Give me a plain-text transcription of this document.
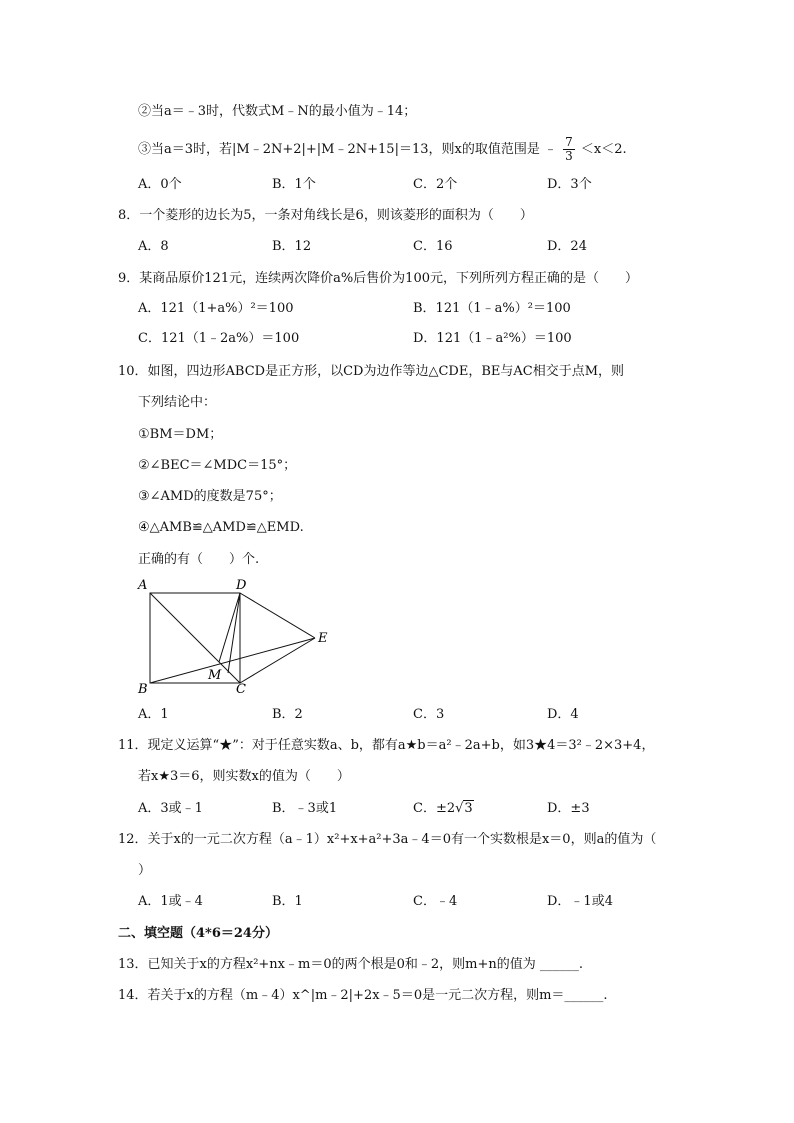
②当a＝﹣3时，代数式M﹣N的最小值为﹣14；
③当a＝3时，若|M﹣2N+2|+|M﹣2N+15|＝13，则x的取值范围是 ﹣ $\frac{7}{3} <x<2$.
A．0个	B．1个	C．2个	D．3个
8．一个菱形的边长为5，一条对角线长是6，则该菱形的面积为（　　）
A．8	B．12	C．16	D．24
9．某商品原价121元，连续两次降价a%后售价为100元，下列所列方程正确的是（　　）
A．121（1+a%）²＝100	B．121（1﹣a%）²＝100
C．121（1﹣2a%）＝100	D．121（1﹣a²%）＝100
10．如图，四边形ABCD是正方形，以CD为边作等边△CDE，BE与AC相交于点M，则
下列结论中：
①BM＝DM；
②∠BEC＝∠MDC＝15°；
③∠AMD的度数是75°；
④△AMB≌△AMD≌△EMD.
正确的有（　　）个.
A	D
E
B
M
C
A．1	B．2	C．3	D．4
11．现定义运算“★”：对于任意实数a、b，都有a★b＝a²﹣2a+b，如3★4＝3²﹣2×3+4，
若x★3＝6，则实数x的值为（　　）
A．3或﹣1	B．﹣3或1	C．±2√3	D．±3
12．关于x的一元二次方程（a﹣1）x²+x+a²+3a﹣4＝0有一个实数根是x＝0，则a的值为（
）
A．1或﹣4	B．1	C．﹣4	D．﹣1或4
二、填空题（4*6＝24分）
13．已知关于x的方程x²+nx﹣m＝0的两个根是0和﹣2，则m+n的值为 ______.
14．若关于x的方程（m﹣4）x^|m﹣2|+2x﹣5＝0是一元二次方程，则m＝______.
